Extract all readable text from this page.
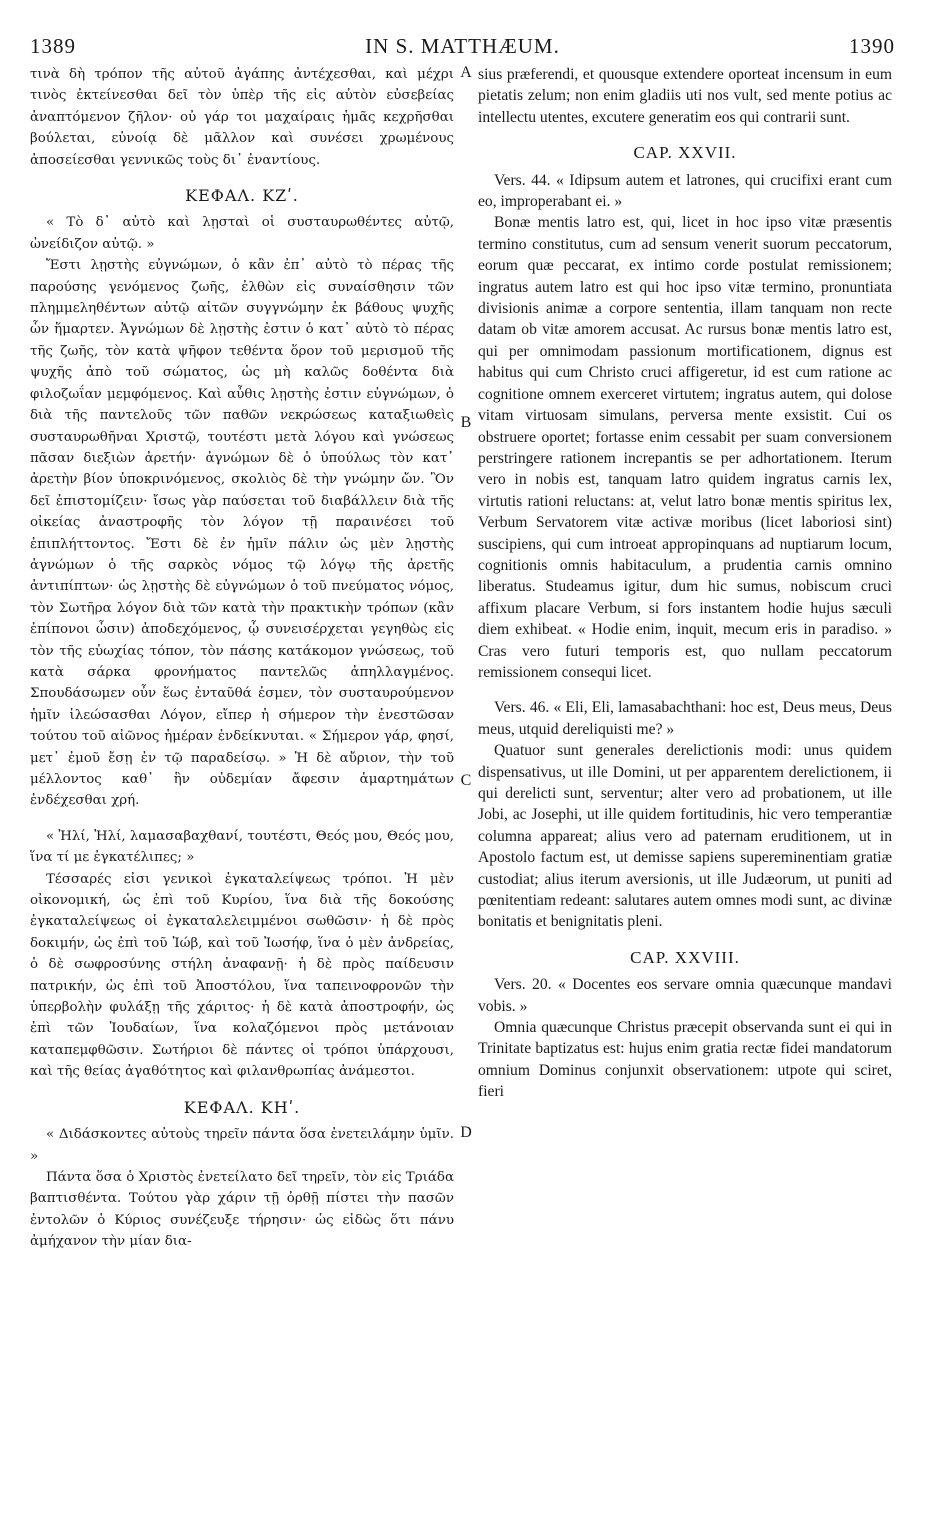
1389	IN S. MATTHÆUM.	1390

τινὰ δὴ τρόπον τῆς αὐτοῦ ἀγάπης ἀντέχεσθαι, καὶ μέχρι τινὸς ἐκτείνεσθαι δεῖ τὸν ὑπὲρ τῆς εἰς αὐτὸν εὐσεβείας ἀναπτόμενον ζῆλον· οὐ γάρ τοι μαχαίραις ἡμᾶς κεχρῆσθαι βούλεται, εὐνοίᾳ δὲ μᾶλλον καὶ συνέσει χρωμένους ἀποσείεσθαι γεννικῶς τοὺς δι᾽ ἐναντίους.

ΚΕΦΑΛ. ΚΖʹ.

« Τὸ δ᾽ αὐτὸ καὶ λῃσταὶ οἱ συσταυρωθέντες αὐτῷ, ὠνείδιζον αὐτῷ. »

Ἔστι λῃστὴς εὐγνώμων, ὁ κἂν ἐπ᾽ αὐτὸ τὸ πέρας τῆς παρούσης γενόμενος ζωῆς, ἐλθὼν εἰς συναίσθησιν τῶν πλημμεληθέντων αὐτῷ αἰτῶν συγγνώμην ἐκ βάθους ψυχῆς ὧν ἥμαρτεν. Ἀγνώμων δὲ λῃστὴς ἐστιν ὁ κατ᾽ αὐτὸ τὸ πέρας τῆς ζωῆς, τὸν κατὰ ψῆφον τεθέντα ὅρον τοῦ μερισμοῦ τῆς ψυχῆς ἀπὸ τοῦ σώματος, ὡς μὴ καλῶς δοθέντα διὰ φιλοζωΐαν μεμφόμενος. Καὶ αὖθις λῃστὴς ἐστιν εὐγνώμων, ὁ διὰ τῆς παντελοῦς τῶν παθῶν νεκρώσεως καταξιωθεὶς συσταυρωθῆναι Χριστῷ, τουτέστι μετὰ λόγου καὶ γνώσεως πᾶσαν διεξιὼν ἀρετήν· ἀγνώμων δὲ ὁ ὑπούλως τὸν κατ᾽ ἀρετὴν βίον ὑποκρινόμενος, σκολιὸς δὲ τὴν γνώμην ὤν. Ὃν δεῖ ἐπιστομίζειν· ἴσως γὰρ παύσεται τοῦ διαβάλλειν διὰ τῆς οἰκείας ἀναστροφῆς τὸν λόγον τῇ παραινέσει τοῦ ἐπιπλήττοντος. Ἔστι δὲ ἐν ἡμῖν πάλιν ὡς μὲν λῃστὴς ἀγνώμων ὁ τῆς σαρκὸς νόμος τῷ λόγῳ τῆς ἀρετῆς ἀντιπίπτων· ὡς λῃστὴς δὲ εὐγνώμων ὁ τοῦ πνεύματος νόμος, τὸν Σωτῆρα λόγον διὰ τῶν κατὰ τὴν πρακτικὴν τρόπων (κἂν ἐπίπονοι ὦσιν) ἀποδεχόμενος, ᾧ συνεισέρχεται γεγηθὼς εἰς τὸν τῆς εὐωχίας τόπον, τὸν πάσης κατάκομον γνώσεως, τοῦ κατὰ σάρκα φρονήματος παντελῶς ἀπηλλαγμένος. Σπουδάσωμεν οὖν ἕως ἐνταῦθά ἐσμεν, τὸν συσταυρούμενον ἡμῖν ἱλεώσασθαι Λόγον, εἴπερ ἡ σήμερον τὴν ἐνεστῶσαν τούτου τοῦ αἰῶνος ἡμέραν ἐνδείκνυται. « Σήμερον γάρ, φησί, μετ᾽ ἐμοῦ ἔσῃ ἐν τῷ παραδείσῳ. » Ἡ δὲ αὔριον, τὴν τοῦ μέλλοντος καθ᾽ ἣν οὐδεμίαν ἄφεσιν ἁμαρτημάτων ἐνδέχεσθαι χρή.

« Ἠλί, Ἠλί, λαμασαβαχθανί, τουτέστι, Θεός μου, Θεός μου, ἵνα τί με ἐγκατέλιπες; »

Τέσσαρές εἰσι γενικοὶ ἐγκαταλείψεως τρόποι. Ἡ μὲν οἰκονομική, ὡς ἐπὶ τοῦ Κυρίου, ἵνα διὰ τῆς δοκούσης ἐγκαταλείψεως οἱ ἐγκαταλελειμμένοι σωθῶσιν· ἡ δὲ πρὸς δοκιμήν, ὡς ἐπὶ τοῦ Ἰώβ, καὶ τοῦ Ἰωσήφ, ἵνα ὁ μὲν ἀνδρείας, ὁ δὲ σωφροσύνης στήλη ἀναφανῇ· ἡ δὲ πρὸς παίδευσιν πατρικήν, ὡς ἐπὶ τοῦ Ἀποστόλου, ἵνα ταπεινοφρονῶν τὴν ὑπερβολὴν φυλάξῃ τῆς χάριτος· ἡ δὲ κατὰ ἀποστροφήν, ὡς ἐπὶ τῶν Ἰουδαίων, ἵνα κολαζόμενοι πρὸς μετάνοιαν καταπεμφθῶσιν. Σωτήριοι δὲ πάντες οἱ τρόποι ὑπάρχουσι, καὶ τῆς θείας ἀγαθότητος καὶ φιλανθρωπίας ἀνάμεστοι.

ΚΕΦΑΛ. ΚΗʹ.

« Διδάσκοντες αὐτοὺς τηρεῖν πάντα ὅσα ἐνετειλάμην ὑμῖν. »

Πάντα ὅσα ὁ Χριστὸς ἐνετείλατο δεῖ τηρεῖν, τὸν εἰς Τριάδα βαπτισθέντα. Τούτου γὰρ χάριν τῇ ὀρθῇ πίστει τὴν πασῶν ἐντολῶν ὁ Κύριος συνέζευξε τήρησιν· ὡς εἰδὼς ὅτι πάνυ ἀμήχανον τὴν μίαν δια-

A
B
C
D

sius præferendi, et quousque extendere oporteat incensum in eum pietatis zelum; non enim gladiis uti nos vult, sed mente potius ac intellectu utentes, excutere generatim eos qui contrarii sunt.

CAP. XXVII.

Vers. 44. « Idipsum autem et latrones, qui crucifixi erant cum eo, improperabant ei. »

Bonæ mentis latro est, qui, licet in hoc ipso vitæ præsentis termino constitutus, cum ad sensum venerit suorum peccatorum, eorum quæ peccarat, ex intimo corde postulat remissionem; ingratus autem latro est qui hoc ipso vitæ termino, pronuntiata divisionis animæ a corpore sententia, illam tanquam non recte datam ob vitæ amorem accusat. Ac rursus bonæ mentis latro est, qui per omnimodam passionum mortificationem, dignus est habitus qui cum Christo cruci affigeretur, id est cum ratione ac cognitione omnem exerceret virtutem; ingratus autem, qui dolose vitam virtuosam simulans, perversa mente exsistit. Cui os obstruere oportet; fortasse enim cessabit per suam conversionem perstringere rationem increpantis se per adhortationem. Iterum vero in nobis est, tanquam latro quidem ingratus carnis lex, virtutis rationi reluctans: at, velut latro bonæ mentis spiritus lex, Verbum Servatorem vitæ activæ moribus (licet laboriosi sint) suscipiens, qui cum introeat appropinquans ad nuptiarum locum, cognitionis omnis habitaculum, a prudentia carnis omnino liberatus. Studeamus igitur, dum hic sumus, nobiscum cruci affixum placare Verbum, si fors instantem hodie hujus sæculi diem exhibeat. « Hodie enim, inquit, mecum eris in paradiso. » Cras vero futuri temporis est, quo nullam peccatorum remissionem consequi licet.

Vers. 46. « Eli, Eli, lamasabachthani: hoc est, Deus meus, Deus meus, utquid dereliquisti me? »

Quatuor sunt generales derelictionis modi: unus quidem dispensativus, ut ille Domini, ut per apparentem derelictionem, ii qui derelicti sunt, serventur; alter vero ad probationem, ut ille Jobi, ac Josephi, ut ille quidem fortitudinis, hic vero temperantiæ columna appareat; alius vero ad paternam eruditionem, ut in Apostolo factum est, ut demisse sapiens supereminentiam gratiæ custodiat; alius iterum aversionis, ut ille Judæorum, ut puniti ad pœnitentiam redeant: salutares autem omnes modi sunt, ac divinæ bonitatis et benignitatis pleni.

CAP. XXVIII.

Vers. 20. « Docentes eos servare omnia quæcunque mandavi vobis. »

Omnia quæcunque Christus præcepit observanda sunt ei qui in Trinitate baptizatus est: hujus enim gratia rectæ fidei mandatorum omnium Dominus conjunxit observationem: utpote qui sciret, fieri
